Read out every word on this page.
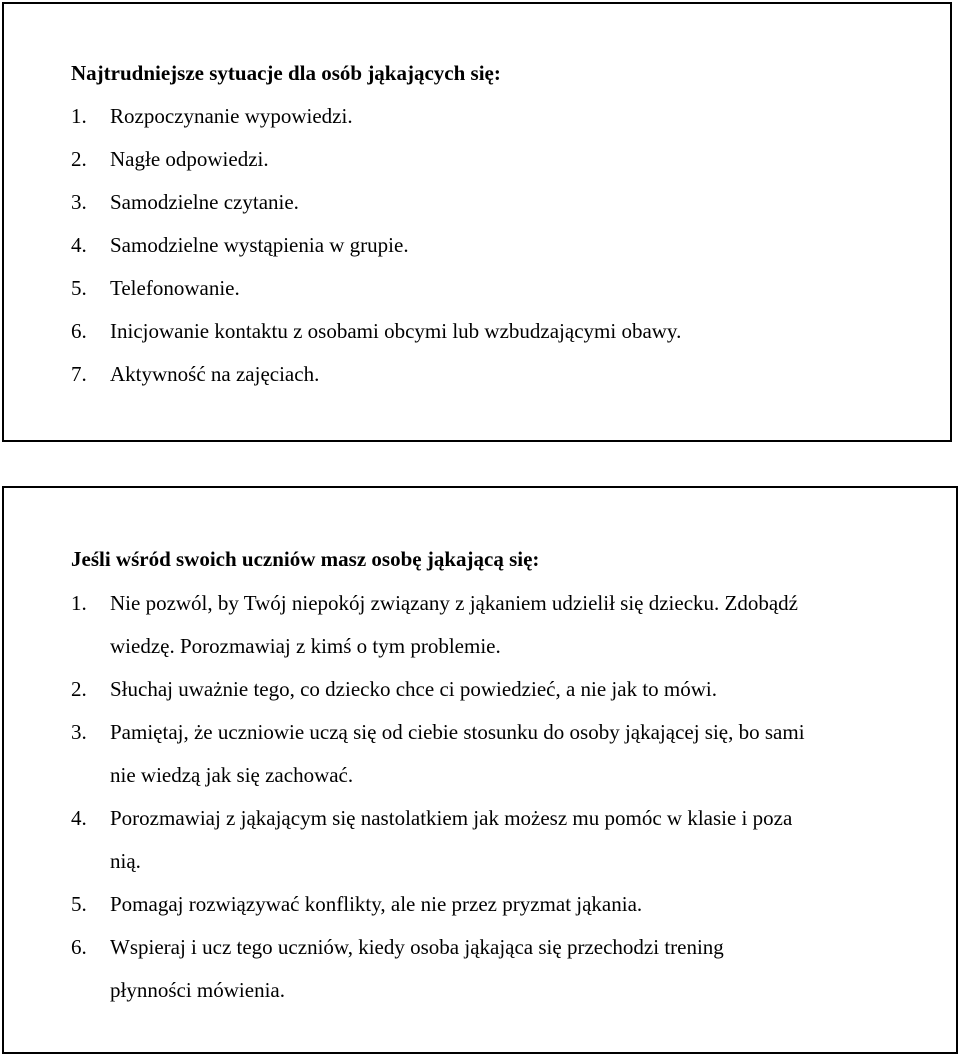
Najtrudniejsze sytuacje dla osób jąkających się:

1. Rozpoczynanie wypowiedzi.
2. Nagłe odpowiedzi.
3. Samodzielne czytanie.
4. Samodzielne wystąpienia w grupie.
5. Telefonowanie.
6. Inicjowanie kontaktu z osobami obcymi lub wzbudzającymi obawy.
7. Aktywność na zajęciach.

Jeśli wśród swoich uczniów masz osobę jąkającą się:

1. Nie pozwól, by Twój niepokój związany z jąkaniem udzielił się dziecku. Zdobądź
wiedzę. Porozmawiaj z kimś o tym problemie.
2. Słuchaj uważnie tego, co dziecko chce ci powiedzieć, a nie jak to mówi.
3. Pamiętaj, że uczniowie uczą się od ciebie stosunku do osoby jąkającej się, bo sami
nie wiedzą jak się zachować.
4. Porozmawiaj z jąkającym się nastolatkiem jak możesz mu pomóc w klasie i poza
nią.
5. Pomagaj rozwiązywać konflikty, ale nie przez pryzmat jąkania.
6. Wspieraj i ucz tego uczniów, kiedy osoba jąkająca się przechodzi trening
płynności mówienia.
